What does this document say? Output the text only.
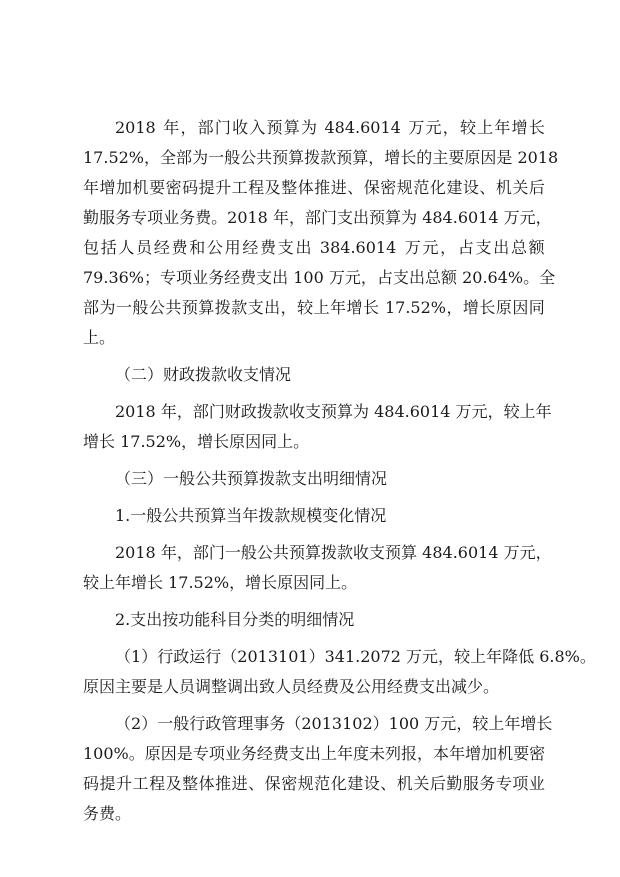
2018
年 ， 部 门 收 入 预 算 为
484.6014
万 元 ， 较 上 年 增 长
17.52% ， 全 部 为 一 般 公 共 预 算 拨 款 预 算 ， 增 长 的 主 要 原 因 是
2018
年 增 加 机 要 密 码 提 升 工 程 及 整 体 推 进 、 保 密 规 范 化 建 设 、 机 关 后
勤 服 务 专 项 业 务 费 。 2018
年 ， 部 门 支 出 预 算 为
484.6014
万 元 ，
包 括 人 员 经 费 和 公 用 经 费 支 出
384.6014
万 元 ， 占 支 出 总 额
79.36% ； 专 项 业 务 经 费 支 出
100
万 元 ， 占 支 出 总 额
20.64% 。 全
部 为 一 般 公 共 预 算 拨 款 支 出 ， 较 上 年 增 长
17.52% ， 增 长 原 因 同
上。
（二）财政拨款收支情况
2018
年 ， 部 门 财 政 拨 款 收 支 预 算 为
484.6014
万 元 ， 较 上 年
增长 17.52%，增长原因同上。
（三）一般公共预算拨款支出明细情况
1.一般公共预算当年拨款规模变化情况
2018
年 ， 部 门 一 般 公 共 预 算 拨 款 收 支 预 算
484.6014
万 元 ，
较上年增长 17.52%，增长原因同上。
2.支出按功能科目分类的明细情况
（ 1 ） 行 政 运 行 （ 2013101 ） 341.2072
万 元 ， 较 上 年 降 低
6.8% 。
原因主要是人员调整调出致人员经费及公用经费支出减少。
（ 2 ） 一 般 行 政 管 理 事 务 （ 2013102 ） 100
万 元 ， 较 上 年 增 长
100% 。 原 因 是 专 项 业 务 经 费 支 出 上 年 度 未 列 报 ， 本 年 增 加 机 要 密
码 提 升 工 程 及 整 体 推 进 、 保 密 规 范 化 建 设 、 机 关 后 勤 服 务 专 项 业
务费。
